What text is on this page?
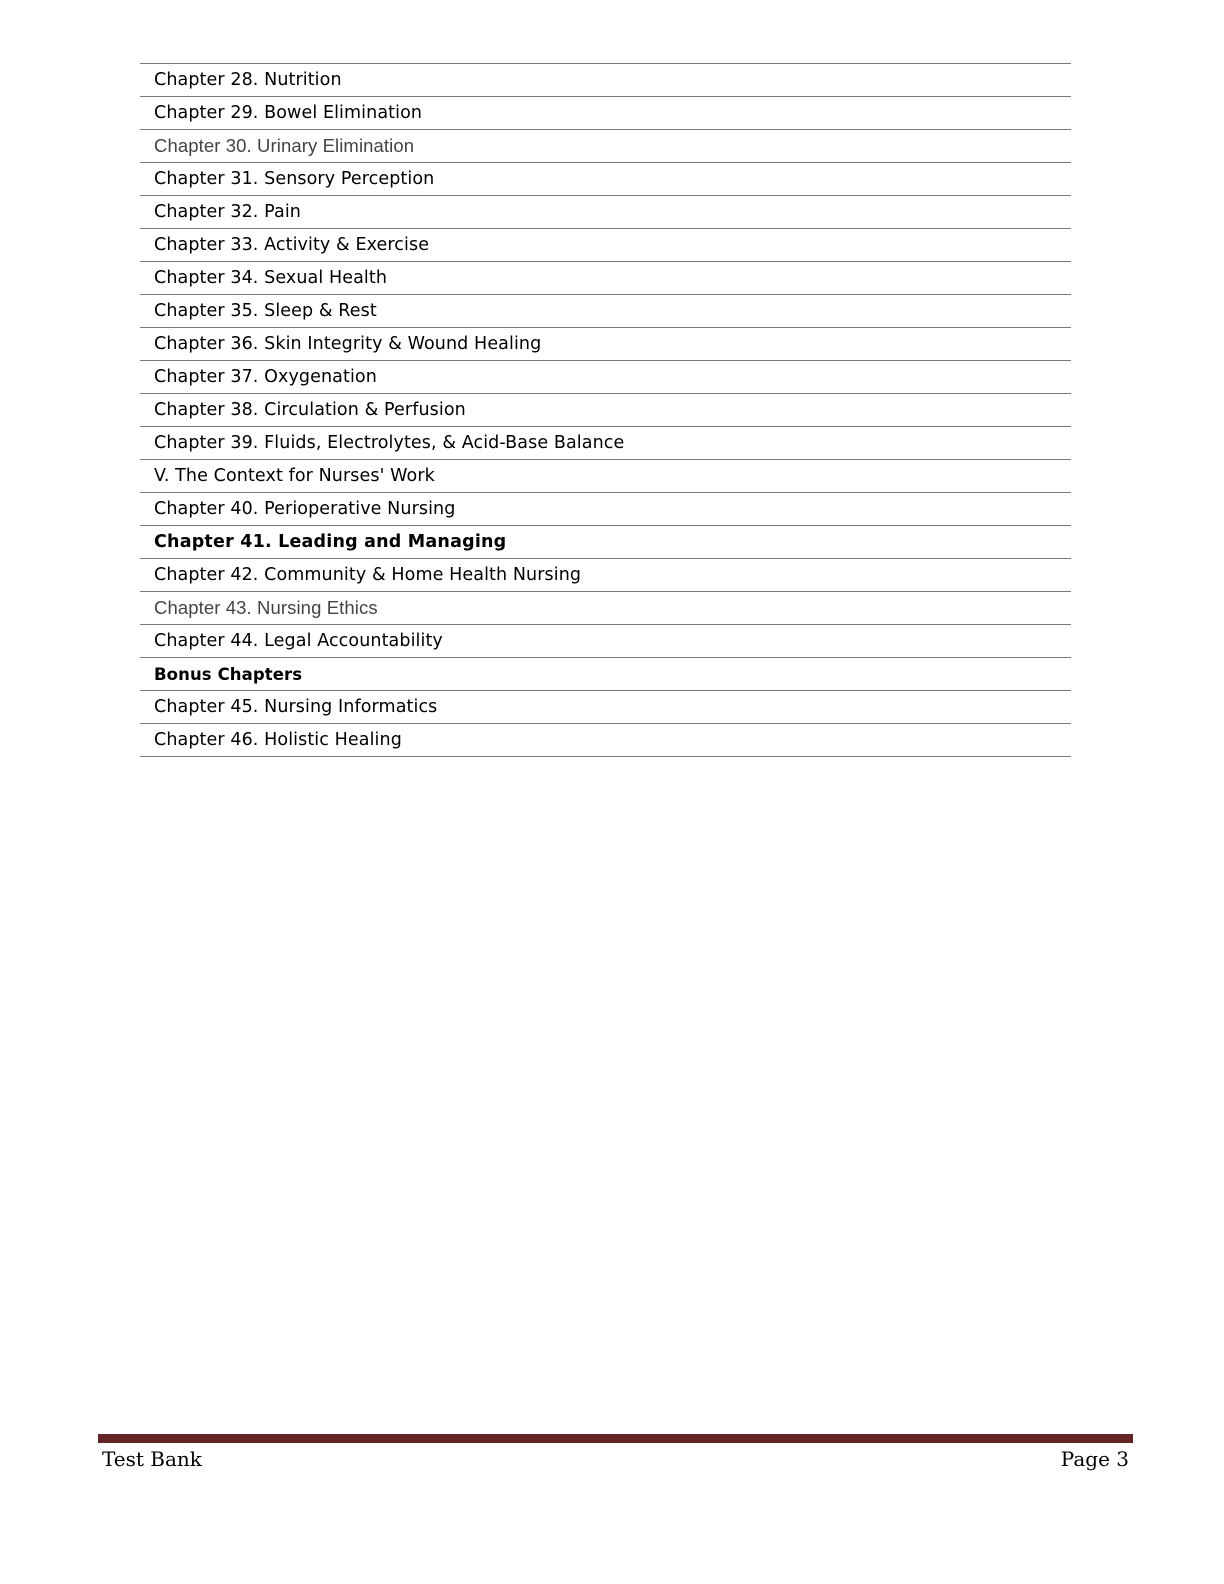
Chapter 28. Nutrition
Chapter 29. Bowel Elimination
Chapter 30. Urinary Elimination
Chapter 31. Sensory Perception
Chapter 32. Pain
Chapter 33. Activity & Exercise
Chapter 34. Sexual Health
Chapter 35. Sleep & Rest
Chapter 36. Skin Integrity & Wound Healing
Chapter 37. Oxygenation
Chapter 38. Circulation & Perfusion
Chapter 39. Fluids, Electrolytes, & Acid-Base Balance
V. The Context for Nurses' Work
Chapter 40. Perioperative Nursing
Chapter 41. Leading and Managing
Chapter 42. Community & Home Health Nursing
Chapter 43. Nursing Ethics
Chapter 44. Legal Accountability
Bonus Chapters
Chapter 45. Nursing Informatics
Chapter 46. Holistic Healing
Test Bank	Page 3
